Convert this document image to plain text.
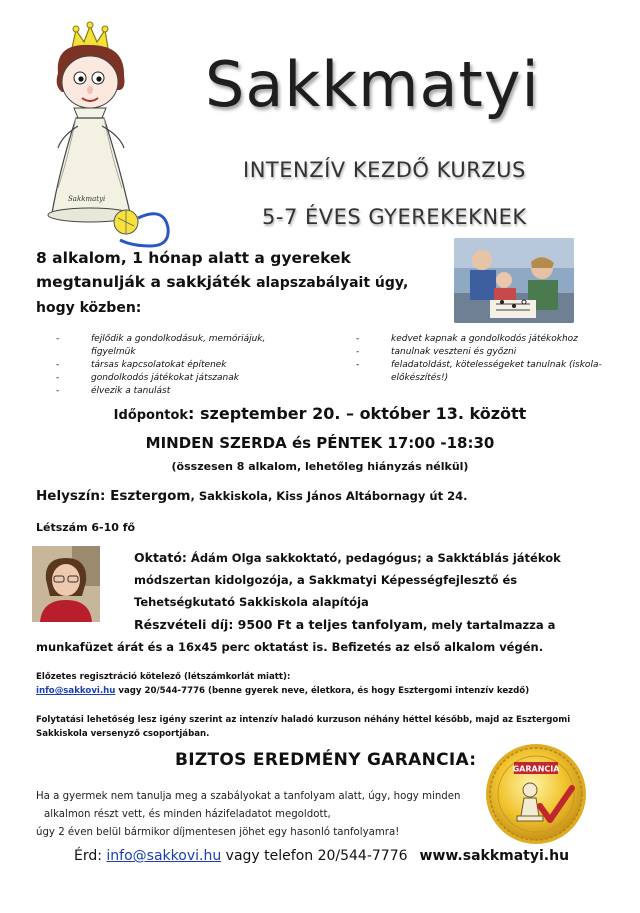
Sakkmatyi
Sakkmatyi
INTENZÍV KEZDŐ KURZUS
5-7 ÉVES GYEREKEKNEK
8 alkalom, 1 hónap alatt a gyerekek megtanulják a sakkjáték alapszabályait úgy, hogy közben:
- fejlődik a gondolkodásuk, memóriájuk, figyelmük
- társas kapcsolatokat építenek
- gondolkodós játékokat játszanak
- élvezik a tanulást
- kedvet kapnak a gondolkodós játékokhoz
- tanulnak veszteni és győzni
- feladatoldást, kötelességeket tanulnak (iskola-előkészítés!)
Időpontok: szeptember 20. – október 13. között
MINDEN SZERDA és PÉNTEK 17:00 -18:30
(összesen 8 alkalom, lehetőleg hiányzás nélkül)
Helyszín: Esztergom, Sakkiskola, Kiss János Altábornagy út 24.
Létszám 6-10 fő
Oktató: Ádám Olga sakkoktató, pedagógus; a Sakktáblás játékok módszertan kidolgozója, a Sakkmatyi Képességfejlesztő és Tehetségkutató Sakkiskola alapítója
Részvételi díj: 9500 Ft a teljes tanfolyam, mely tartalmazza a munkafüzet árát és a 16x45 perc oktatást is. Befizetés az első alkalom végén.
Előzetes regisztráció kötelező (létszámkorlát miatt):
info@sakkovi.hu vagy 20/544-7776 (benne gyerek neve, életkora, és hogy Esztergomi intenzív kezdő)
Folytatási lehetőség lesz igény szerint az intenzív haladó kurzuson néhány héttel később, majd az Esztergomi Sakkiskola versenyző csoportjában.
BIZTOS EREDMÉNY GARANCIA:
Ha a gyermek nem tanulja meg a szabályokat a tanfolyam alatt, úgy, hogy minden
alkalmon részt vett, és minden házifeladatot megoldott,
úgy 2 éven belül bármikor díjmentesen jöhet egy hasonló tanfolyamra!
GARANCIA
Érd: info@sakkovi.hu vagy telefon 20/544-7776 www.sakkmatyi.hu
